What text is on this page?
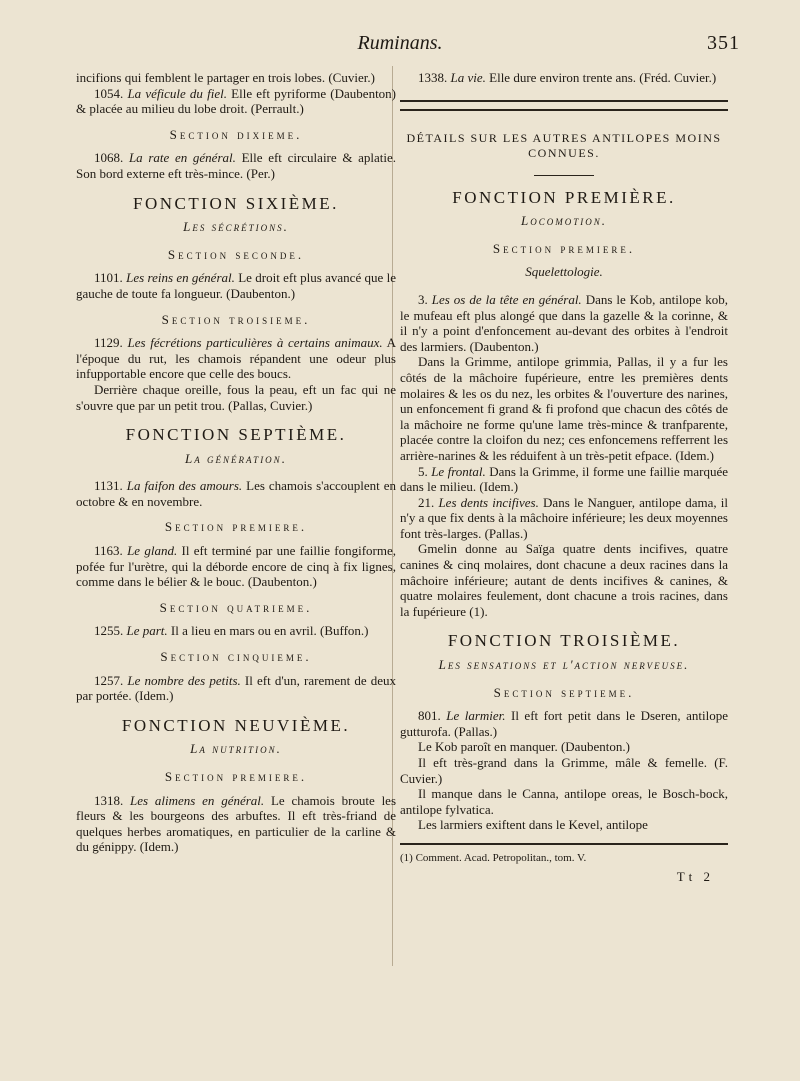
Ruminans.	351

incifions qui femblent le partager en trois lobes. (Cuvier.)

1054. La véficule du fiel. Elle eft pyriforme (Daubenton) & placée au milieu du lobe droit. (Perrault.)

Section dixieme.

1068. La rate en général. Elle eft circulaire & aplatie. Son bord externe eft très-mince. (Per.)

FONCTION SIXIÈME.
Les sécrétions.
Section seconde.

1101. Les reins en général. Le droit eft plus avancé que le gauche de toute fa longueur. (Daubenton.)

Section troisieme.

1129. Les fécrétions particulières à certains animaux. A l'époque du rut, les chamois répandent une odeur plus infupportable encore que celle des boucs.

Derrière chaque oreille, fous la peau, eft un fac qui ne s'ouvre que par un petit trou. (Pallas, Cuvier.)

FONCTION SEPTIÈME.
La génération.

1131. La faifon des amours. Les chamois s'accouplent en octobre & en novembre.

Section premiere.

1163. Le gland. Il eft terminé par une faillie fongiforme, pofée fur l'urètre, qui la déborde encore de cinq à fix lignes, comme dans le bélier & le bouc. (Daubenton.)

Section quatrieme.

1255. Le part. Il a lieu en mars ou en avril. (Buffon.)

Section cinquieme.

1257. Le nombre des petits. Il eft d'un, rarement de deux par portée. (Idem.)

FONCTION NEUVIÈME.
La nutrition.
Section premiere.

1318. Les alimens en général. Le chamois broute les fleurs & les bourgeons des arbuftes. Il eft très-friand de quelques herbes aromatiques, en particulier de la carline & du génippy. (Idem.)

1338. La vie. Elle dure environ trente ans. (Fréd. Cuvier.)

DÉTAILS SUR LES AUTRES ANTILOPES MOINS CONNUES.
FONCTION PREMIÈRE.
Locomotion.
Section premiere.
Squelettologie.

3. Les os de la tête en général. Dans le Kob, antilope kob, le mufeau eft plus alongé que dans la gazelle & la corinne, & il n'y a point d'enfoncement au-devant des orbites à l'endroit des larmiers. (Daubenton.)

Dans la Grimme, antilope grimmia, Pallas, il y a fur les côtés de la mâchoire fupérieure, entre les premières dents molaires & les os du nez, les orbites & l'ouverture des narines, un enfoncement fi grand & fi profond que chacun des côtés de la mâchoire ne forme qu'une lame très-mince & tranfparente, placée contre la cloifon du nez; ces enfoncemens refferrent les arrière-narines & les réduifent à un très-petit efpace. (Idem.)

5. Le frontal. Dans la Grimme, il forme une faillie marquée dans le milieu. (Idem.)

21. Les dents incifives. Dans le Nanguer, antilope dama, il n'y a que fix dents à la mâchoire inférieure; les deux moyennes font très-larges. (Pallas.)

Gmelin donne au Saïga quatre dents incifives, quatre canines & cinq molaires, dont chacune a deux racines dans la mâchoire inférieure; autant de dents incifives & canines, & quatre molaires feulement, dont chacune a trois racines, dans la fupérieure (1).

FONCTION TROISIÈME.
Les sensations et l'action nerveuse.
Section septieme.

801. Le larmier. Il eft fort petit dans le Dseren, antilope gutturofa. (Pallas.)

Le Kob paroît en manquer. (Daubenton.)

Il eft très-grand dans la Grimme, mâle & femelle. (F. Cuvier.)

Il manque dans le Canna, antilope oreas, le Bosch-bock, antilope fylvatica.

Les larmiers exiftent dans le Kevel, antilope

(1) Comment. Acad. Petropolitan., tom. V.

Tt 2
